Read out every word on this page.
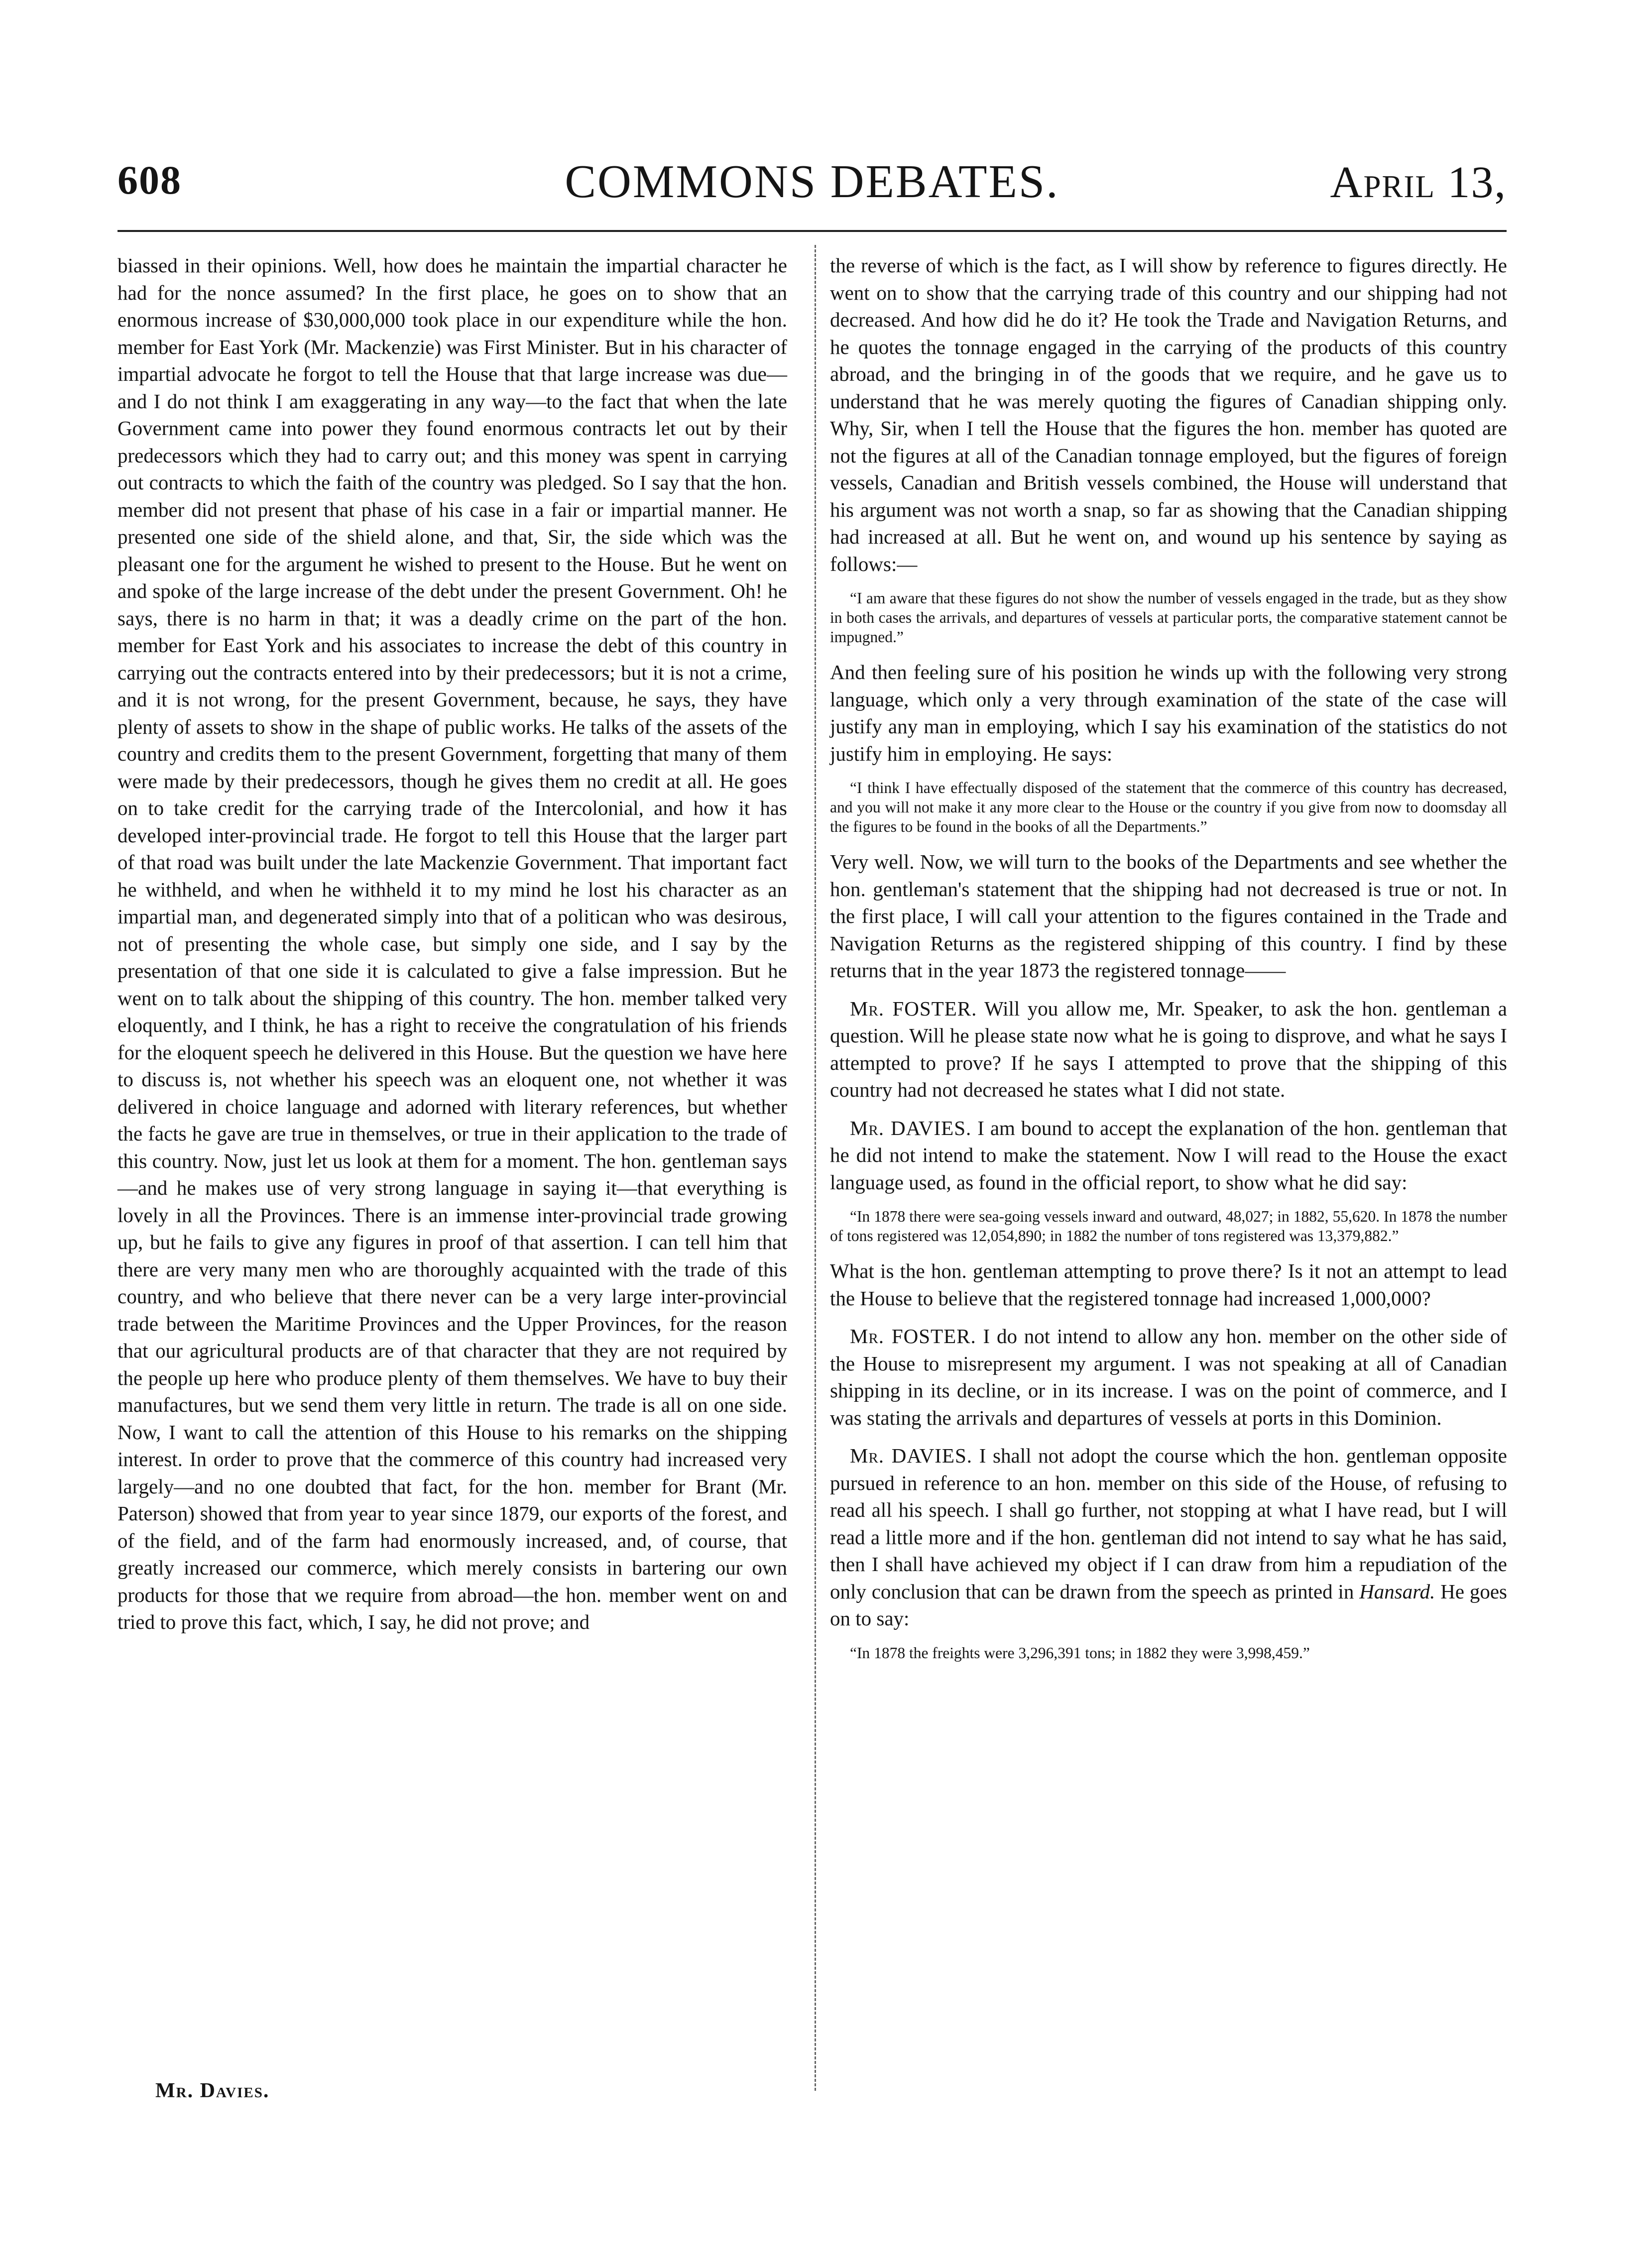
608	COMMONS DEBATES.	April 13,

biassed in their opinions. Well, how does he maintain the impartial character he had for the nonce assumed? In the first place, he goes on to show that an enormous increase of $30,000,000 took place in our expenditure while the hon. member for East York (Mr. Mackenzie) was First Minister. But in his character of impartial advocate he forgot to tell the House that that large increase was due—and I do not think I am exaggerating in any way—to the fact that when the late Government came into power they found enormous contracts let out by their predecessors which they had to carry out; and this money was spent in carrying out contracts to which the faith of the country was pledged. So I say that the hon. member did not present that phase of his case in a fair or impartial manner. He presented one side of the shield alone, and that, Sir, the side which was the pleasant one for the argument he wished to present to the House. But he went on and spoke of the large increase of the debt under the present Government. Oh! he says, there is no harm in that; it was a deadly crime on the part of the hon. member for East York and his associates to increase the debt of this country in carrying out the contracts entered into by their predecessors; but it is not a crime, and it is not wrong, for the present Government, because, he says, they have plenty of assets to show in the shape of public works. He talks of the assets of the country and credits them to the present Government, forgetting that many of them were made by their predecessors, though he gives them no credit at all. He goes on to take credit for the carrying trade of the Intercolonial, and how it has developed inter-provincial trade. He forgot to tell this House that the larger part of that road was built under the late Mackenzie Government. That important fact he withheld, and when he withheld it to my mind he lost his character as an impartial man, and degenerated simply into that of a politican who was desirous, not of presenting the whole case, but simply one side, and I say by the presentation of that one side it is calculated to give a false impression. But he went on to talk about the shipping of this country. The hon. member talked very eloquently, and I think, he has a right to receive the congratulation of his friends for the eloquent speech he delivered in this House. But the question we have here to discuss is, not whether his speech was an eloquent one, not whether it was delivered in choice language and adorned with literary references, but whether the facts he gave are true in themselves, or true in their application to the trade of this country. Now, just let us look at them for a moment. The hon. gentleman says—and he makes use of very strong language in saying it—that everything is lovely in all the Provinces. There is an immense inter-provincial trade growing up, but he fails to give any figures in proof of that assertion. I can tell him that there are very many men who are thoroughly acquainted with the trade of this country, and who believe that there never can be a very large inter-provincial trade between the Maritime Provinces and the Upper Provinces, for the reason that our agricultural products are of that character that they are not required by the people up here who produce plenty of them themselves. We have to buy their manufactures, but we send them very little in return. The trade is all on one side. Now, I want to call the attention of this House to his remarks on the shipping interest. In order to prove that the commerce of this country had increased very largely—and no one doubted that fact, for the hon. member for Brant (Mr. Paterson) showed that from year to year since 1879, our exports of the forest, and of the field, and of the farm had enormously increased, and, of course, that greatly increased our commerce, which merely consists in bartering our own products for those that we require from abroad—the hon. member went on and tried to prove this fact, which, I say, he did not prove; and

Mr. Davies.

the reverse of which is the fact, as I will show by reference to figures directly. He went on to show that the carrying trade of this country and our shipping had not decreased. And how did he do it? He took the Trade and Navigation Returns, and he quotes the tonnage engaged in the carrying of the products of this country abroad, and the bringing in of the goods that we require, and he gave us to understand that he was merely quoting the figures of Canadian shipping only. Why, Sir, when I tell the House that the figures the hon. member has quoted are not the figures at all of the Canadian tonnage employed, but the figures of foreign vessels, Canadian and British vessels combined, the House will understand that his argument was not worth a snap, so far as showing that the Canadian shipping had increased at all. But he went on, and wound up his sentence by saying as follows:—

“I am aware that these figures do not show the number of vessels engaged in the trade, but as they show in both cases the arrivals, and departures of vessels at particular ports, the comparative statement cannot be impugned.”

And then feeling sure of his position he winds up with the following very strong language, which only a very through examination of the state of the case will justify any man in employing, which I say his examination of the statistics do not justify him in employing. He says:

“I think I have effectually disposed of the statement that the commerce of this country has decreased, and you will not make it any more clear to the House or the country if you give from now to doomsday all the figures to be found in the books of all the Departments.”

Very well. Now, we will turn to the books of the Departments and see whether the hon. gentleman's statement that the shipping had not decreased is true or not. In the first place, I will call your attention to the figures contained in the Trade and Navigation Returns as the registered shipping of this country. I find by these returns that in the year 1873 the registered tonnage——

Mr. FOSTER. Will you allow me, Mr. Speaker, to ask the hon. gentleman a question. Will he please state now what he is going to disprove, and what he says I attempted to prove? If he says I attempted to prove that the shipping of this country had not decreased he states what I did not state.

Mr. DAVIES. I am bound to accept the explanation of the hon. gentleman that he did not intend to make the statement. Now I will read to the House the exact language used, as found in the official report, to show what he did say:

“In 1878 there were sea-going vessels inward and outward, 48,027; in 1882, 55,620. In 1878 the number of tons registered was 12,054,890; in 1882 the number of tons registered was 13,379,882.”

What is the hon. gentleman attempting to prove there? Is it not an attempt to lead the House to believe that the registered tonnage had increased 1,000,000?

Mr. FOSTER. I do not intend to allow any hon. member on the other side of the House to misrepresent my argument. I was not speaking at all of Canadian shipping in its decline, or in its increase. I was on the point of commerce, and I was stating the arrivals and departures of vessels at ports in this Dominion.

Mr. DAVIES. I shall not adopt the course which the hon. gentleman opposite pursued in reference to an hon. member on this side of the House, of refusing to read all his speech. I shall go further, not stopping at what I have read, but I will read a little more and if the hon. gentleman did not intend to say what he has said, then I shall have achieved my object if I can draw from him a repudiation of the only conclusion that can be drawn from the speech as printed in Hansard. He goes on to say:

“In 1878 the freights were 3,296,391 tons; in 1882 they were 3,998,459.”
